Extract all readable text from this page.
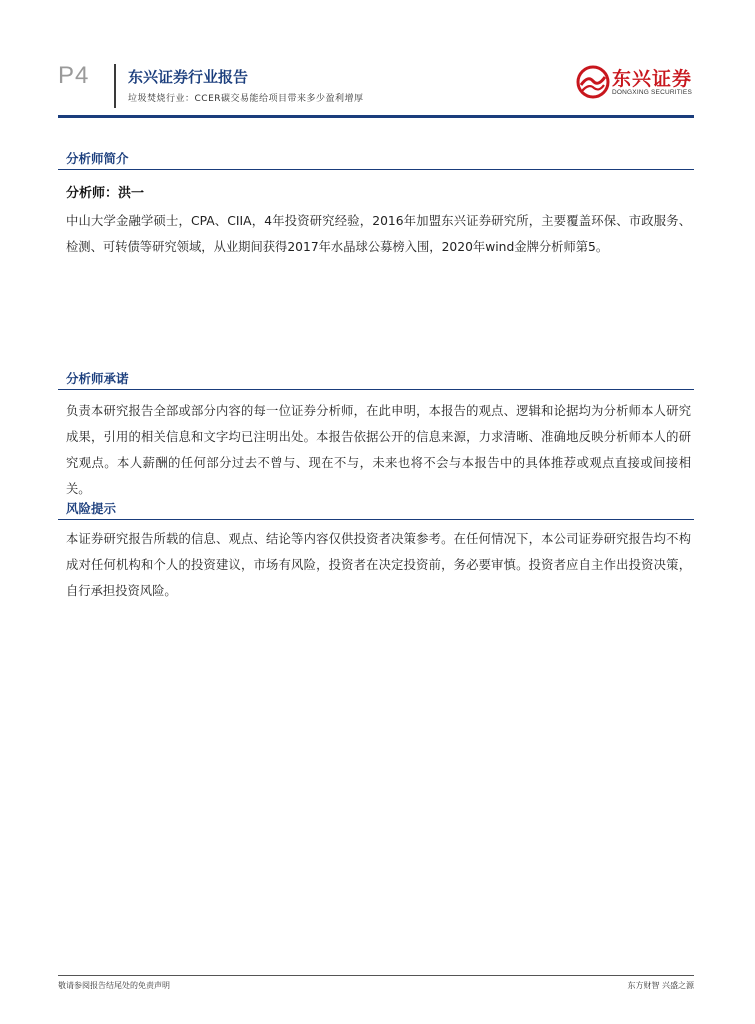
P4	东兴证券行业报告
垃圾焚烧行业：CCER碳交易能给项目带来多少盈利增厚
东兴证券
DONGXING SECURITIES
分析师简介
分析师：洪一

中山大学金融学硕士，CPA、CIIA，4年投资研究经验，2016年加盟东兴证券研究所，主要覆盖环保、市政服务、检测、可转债等研究领域，从业期间获得2017年水晶球公募榜入围，2020年wind金牌分析师第5。

分析师承诺

负责本研究报告全部或部分内容的每一位证券分析师，在此申明，本报告的观点、逻辑和论据均为分析师本人研究成果，引用的相关信息和文字均已注明出处。本报告依据公开的信息来源，力求清晰、准确地反映分析师本人的研究观点。本人薪酬的任何部分过去不曾与、现在不与，未来也将不会与本报告中的具体推荐或观点直接或间接相关。

风险提示

本证券研究报告所载的信息、观点、结论等内容仅供投资者决策参考。在任何情况下，本公司证券研究报告均不构成对任何机构和个人的投资建议，市场有风险，投资者在决定投资前，务必要审慎。投资者应自主作出投资决策，自行承担投资风险。

敬请参阅报告结尾处的免责声明	东方财智 兴盛之源
